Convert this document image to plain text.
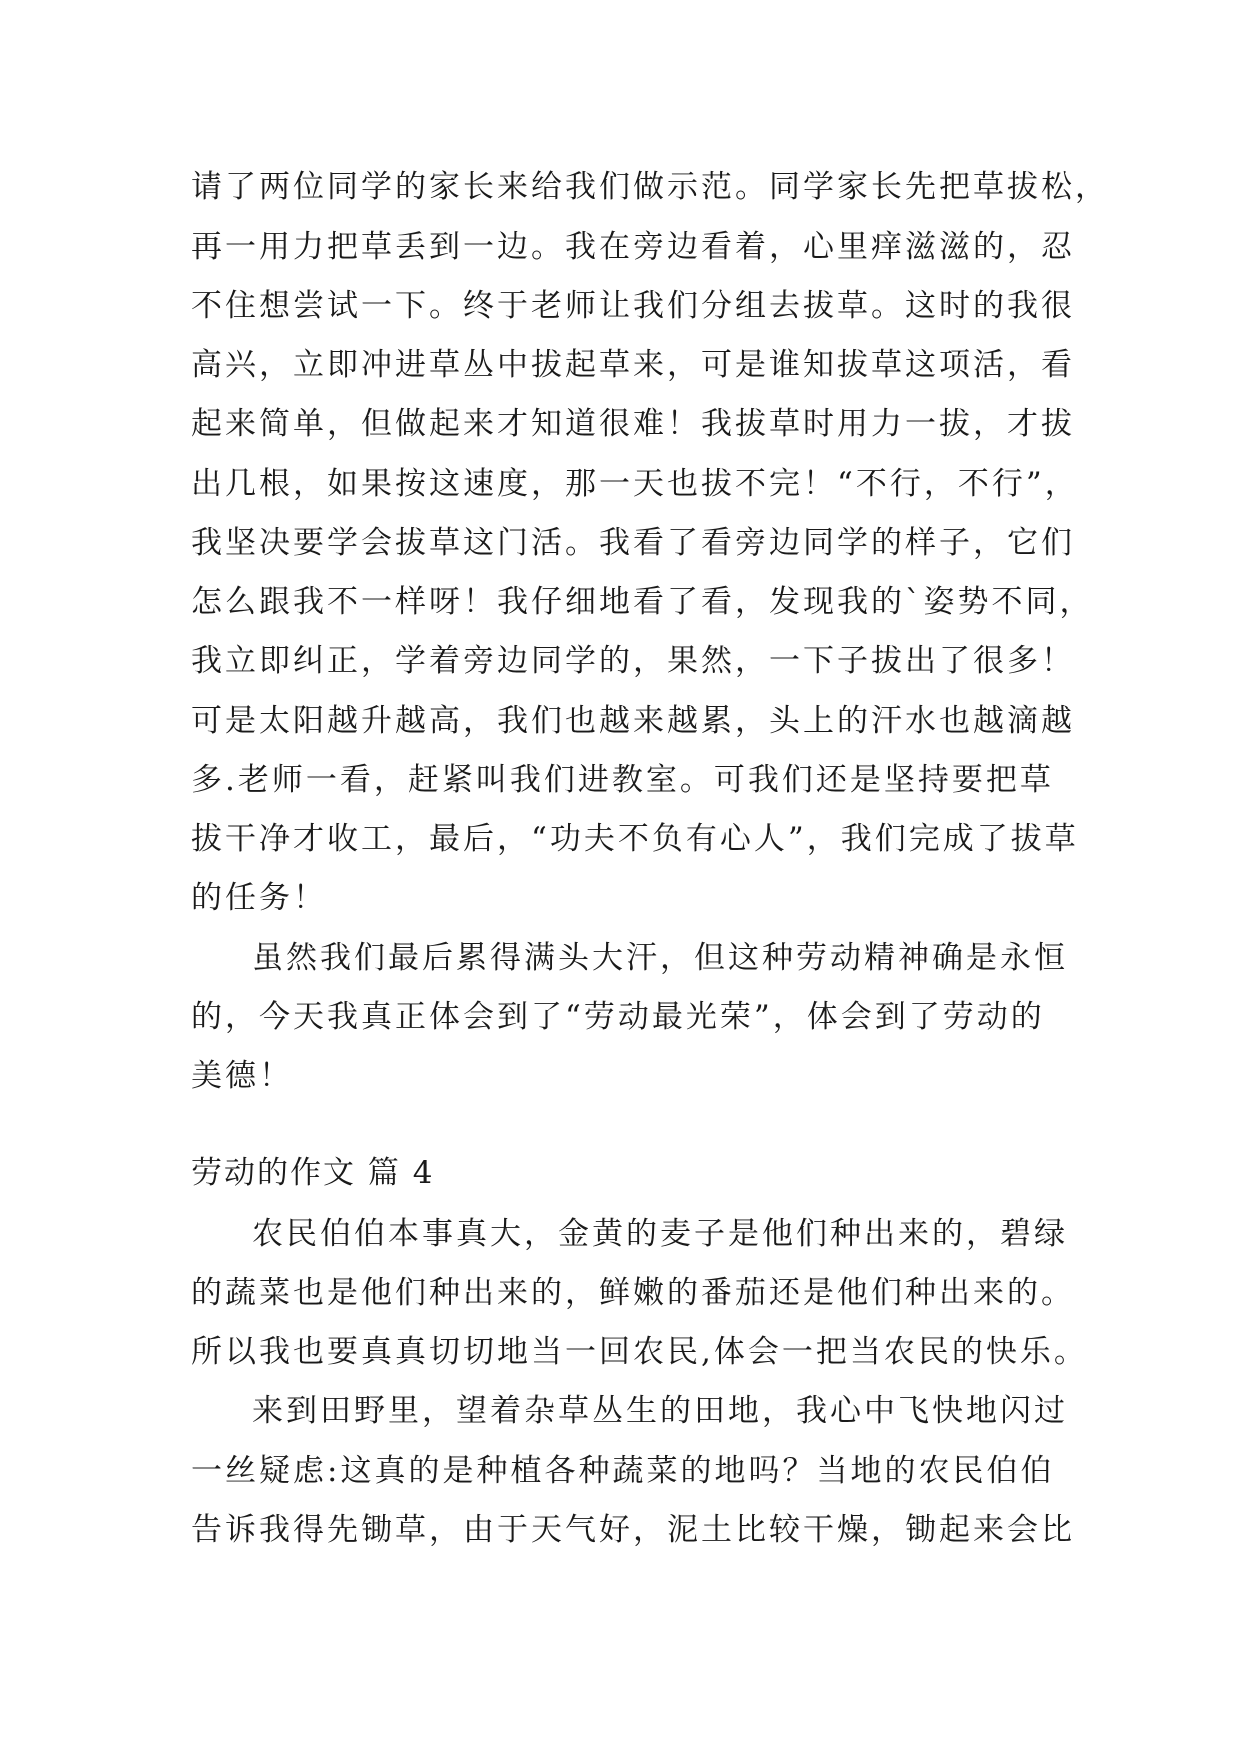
请了两位同学的家长来给我们做示范。同学家长先把草拔松，
再一用力把草丢到一边。我在旁边看着，心里痒滋滋的，忍
不住想尝试一下。终于老师让我们分组去拔草。这时的我很
高兴，立即冲进草丛中拔起草来，可是谁知拔草这项活，看
起来简单，但做起来才知道很难！我拔草时用力一拔，才拔
出几根，如果按这速度，那一天也拔不完！“不行，不行”，
我坚决要学会拔草这门活。我看了看旁边同学的样子，它们
怎么跟我不一样呀！我仔细地看了看，发现我的`姿势不同，
我立即纠正，学着旁边同学的，果然，一下子拔出了很多！
可是太阳越升越高，我们也越来越累，头上的汗水也越滴越
多.老师一看，赶紧叫我们进教室。可我们还是坚持要把草
拔干净才收工，最后，“功夫不负有心人”，我们完成了拔草
的任务！
虽然我们最后累得满头大汗，但这种劳动精神确是永恒
的，今天我真正体会到了“劳动最光荣”，体会到了劳动的
美德！
劳动的作文 篇 4
农民伯伯本事真大，金黄的麦子是他们种出来的，碧绿
的蔬菜也是他们种出来的，鲜嫩的番茄还是他们种出来的。
所以我也要真真切切地当一回农民,体会一把当农民的快乐。
来到田野里，望着杂草丛生的田地，我心中飞快地闪过
一丝疑虑:这真的是种植各种蔬菜的地吗？当地的农民伯伯
告诉我得先锄草，由于天气好，泥土比较干燥，锄起来会比
